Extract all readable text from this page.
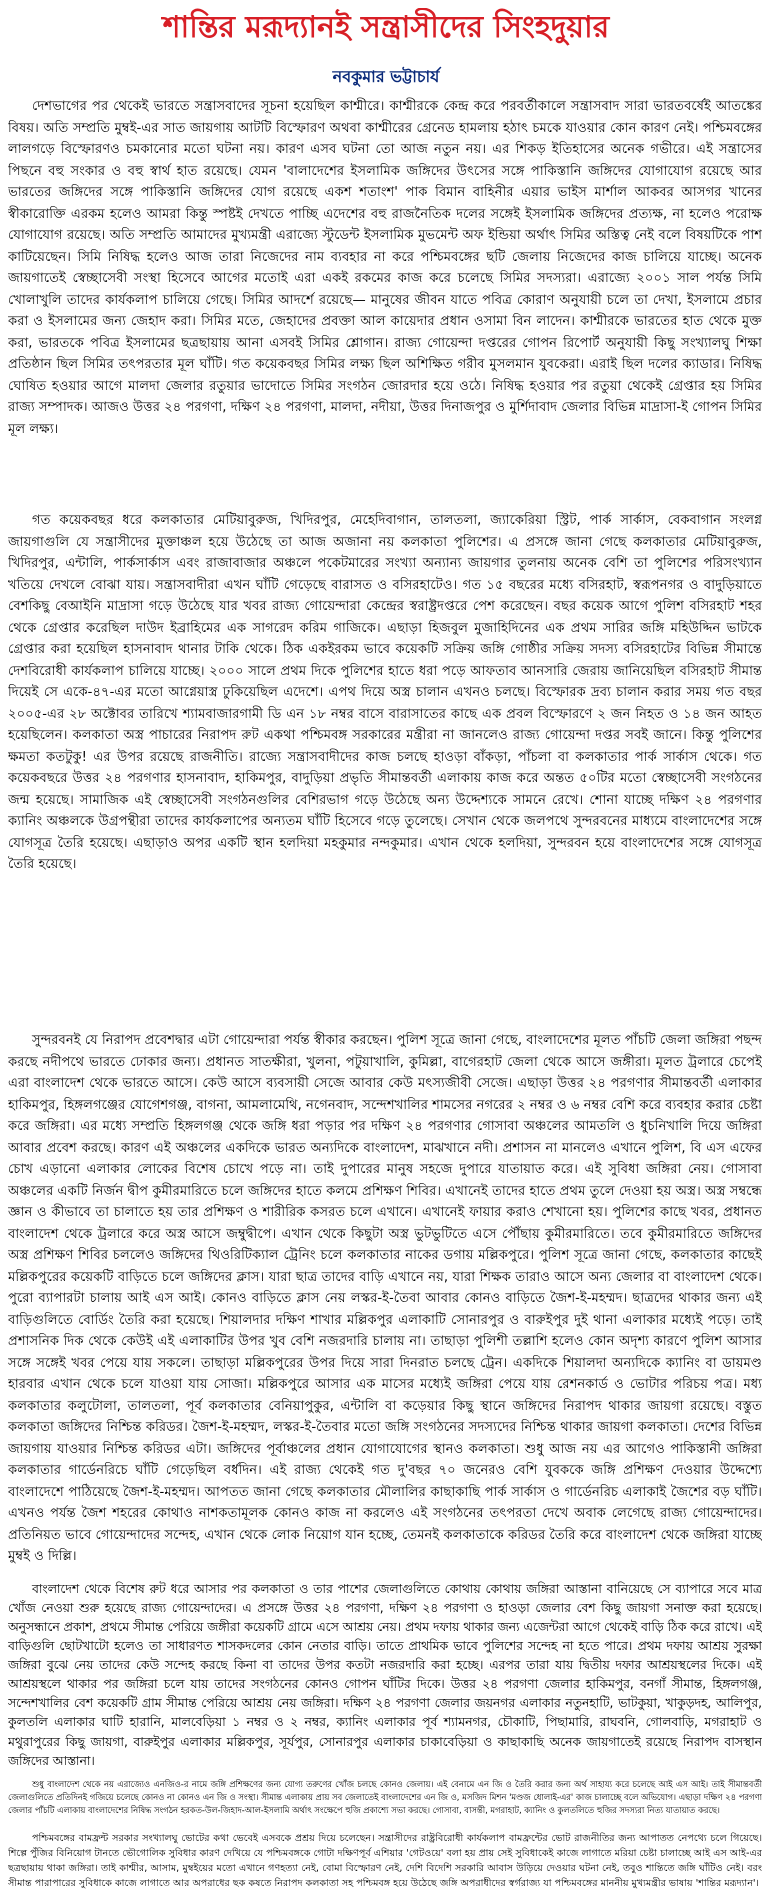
শান্তির মরূদ্যানই সন্ত্রাসীদের সিংহদুয়ার
নবকুমার ভট্টাচার্য

দেশভাগের পর থেকেই ভারতে সন্ত্রাসবাদের সূচনা হয়েছিল কাশ্মীরে। কাশ্মীরকে কেন্দ্র করে পরবর্তীকালে সন্ত্রাসবাদ সারা ভারতবর্ষেই আতঙ্কের বিষয়। অতি সম্প্রতি মুম্বই-এর সাত জায়গায় আটটি বিস্ফোরণ অথবা কাশ্মীরের গ্রেনেড হামলায় হঠাৎ চমকে যাওয়ার কোন কারণ নেই। পশ্চিমবঙ্গের লালগড়ে বিস্ফোরণও চমকানোর মতো ঘটনা নয়। কারণ এসব ঘটনা তো আজ নতুন নয়। এর শিকড় ইতিহাসের অনেক গভীরে। এই সন্ত্রাসের পিছনে বহু সংকার ও বহু স্বার্থ হাত রয়েছে। যেমন 'বালাদেশের ইসলামিক জঙ্গিদের উৎসের সঙ্গে পাকিস্তানি জঙ্গিদের যোগাযোগ রয়েছে আর ভারতের জঙ্গিদের সঙ্গে পাকিস্তানি জঙ্গিদের যোগ রয়েছে একশ শতাংশ' পাক বিমান বাহিনীর এয়ার ভাইস মার্শাল আকবর আসগর খানের স্বীকারোক্তি এরকম হলেও আমরা কিন্তু স্পষ্টই দেখতে পাচ্ছি এদেশের বহু রাজনৈতিক দলের সঙ্গেই ইসলামিক জঙ্গিদের প্রত্যক্ষ, না হলেও পরোক্ষ যোগাযোগ রয়েছে। অতি সম্প্রতি আমাদের মুখ্যমন্ত্রী এরাজ্যে স্টুডেন্ট ইসলামিক মুভমেন্ট অফ ইন্ডিয়া অর্থাৎ সিমির অস্তিত্ব নেই বলে বিষয়টিকে পাশ কাটিয়েছেন। সিমি নিষিদ্ধ হলেও আজ তারা নিজেদের নাম ব্যবহার না করে পশ্চিমবঙ্গের ছটি জেলায় নিজেদের কাজ চালিয়ে যাচ্ছে। অনেক জায়গাতেই স্বেচ্ছাসেবী সংস্থা হিসেবে আগের মতোই এরা একই রকমের কাজ করে চলেছে সিমির সদস্যরা। এরাজ্যে ২০০১ সাল পর্যন্ত সিমি খোলাখুলি তাদের কার্যকলাপ চালিয়ে গেছে। সিমির আদর্শে রয়েছে— মানুষের জীবন যাতে পবিত্র কোরাণ অনুযায়ী চলে তা দেখা, ইসলামে প্রচার করা ও ইসলামের জন্য জেহাদ করা। সিমির মতে, জেহাদের প্রবক্তা আল কায়েদার প্রধান ওসামা বিন লাদেন। কাশ্মীরকে ভারতের হাত থেকে মুক্ত করা, ভারতকে পবিত্র ইসলামের ছত্রছায়ায় আনা এসবই সিমির শ্লোগান। রাজ্য গোয়েন্দা দপ্তরের গোপন রিপোর্ট অনুযায়ী কিছু সংখ্যালঘু শিক্ষা প্রতিষ্ঠান ছিল সিমির তৎপরতার মূল ঘাঁটি। গত কয়েকবছর সিমির লক্ষ্য ছিল অশিক্ষিত গরীব মুসলমান যুবকেরা। এরাই ছিল দলের ক্যাডার। নিষিদ্ধ ঘোষিত হওয়ার আগে মালদা জেলার রতুয়ার ভাদোতে সিমির সংগঠন জোরদার হয়ে ওঠে। নিষিদ্ধ হওয়ার পর রতুয়া থেকেই গ্রেপ্তার হয় সিমির রাজ্য সম্পাদক। আজও উত্তর ২৪ পরগণা, দক্ষিণ ২৪ পরগণা, মালদা, নদীয়া, উত্তর দিনাজপুর ও মুর্শিদাবাদ জেলার বিভিন্ন মাদ্রাসা-ই গোপন সিমির মূল লক্ষ্য।

গত কয়েকবছর ধরে কলকাতার মেটিয়াবুরুজ, খিদিরপুর, মেহেদিবাগান, তালতলা, জ্যাকেরিয়া স্ট্রিট, পার্ক সার্কাস, বেকবাগান সংলগ্ন জায়গাগুলি যে সন্ত্রাসীদের মুক্তাঞ্চল হয়ে উঠেছে তা আজ অজানা নয় কলকাতা পুলিশের। এ প্রসঙ্গে জানা গেছে কলকাতার মেটিয়াবুরুজ, খিদিরপুর, এন্টালি, পার্কসার্কাস এবং রাজাবাজার অঞ্চলে পকেটমারের সংখ্যা অন্যান্য জায়গার তুলনায় অনেক বেশি তা পুলিশের পরিসংখ্যান খতিয়ে দেখলে বোঝা যায়। সন্ত্রাসবাদীরা এখন ঘাঁটি গেড়েছে বারাসত ও বসিরহাটেও। গত ১৫ বছরের মধ্যে বসিরহাট, স্বরূপনগর ও বাদুড়িয়াতে বেশকিছু বেআইনি মাদ্রাসা গড়ে উঠেছে যার খবর রাজ্য গোয়েন্দারা কেন্দ্রের স্বরাষ্ট্রদপ্তরে পেশ করেছেন। বছর কয়েক আগে পুলিশ বসিরহাট শহর থেকে গ্রেপ্তার করেছিল দাউদ ইব্রাহিমের এক সাগরেদ করিম গাজিকে। এছাড়া হিজবুল মুজাহিদিনের এক প্রথম সারির জঙ্গি মহিউদ্দিন ভাটকে গ্রেপ্তার করা হয়েছিল হাসনাবাদ থানার টাকি থেকে। ঠিক একইরকম ভাবে কয়েকটি সক্রিয় জঙ্গি গোষ্ঠীর সক্রিয় সদস্য বসিরহাটের বিভিন্ন সীমান্তে দেশবিরোধী কার্যকলাপ চালিয়ে যাচ্ছে। ২০০০ সালে প্রথম দিকে পুলিশের হাতে ধরা পড়ে আফতাব আনসারি জেরায় জানিয়েছিল বসিরহাট সীমান্ত দিয়েই সে একে-৪৭-এর মতো আগ্নেয়াস্ত্র ঢুকিয়েছিল এদেশে। এপথ দিয়ে অস্ত্র চালান এখনও চলছে। বিস্ফোরক দ্রব্য চালান করার সময় গত বছর ২০০৫-এর ২৮ অক্টোবর তারিখে শ্যামবাজারগামী ডি এন ১৮ নম্বর বাসে বারাসাতের কাছে এক প্রবল বিস্ফোরণে ২ জন নিহত ও ১৪ জন আহত হয়েছিলেন। কলকাতা অস্ত্র পাচারের নিরাপদ রুট একথা পশ্চিমবঙ্গ সরকারের মন্ত্রীরা না জানলেও রাজ্য গোয়েন্দা দপ্তর সবই জানে। কিন্তু পুলিশের ক্ষমতা কতটুকু! এর উপর রয়েছে রাজনীতি। রাজ্যে সন্ত্রাসবাদীদের কাজ চলছে হাওড়া বাঁকড়া, পাঁচলা বা কলকাতার পার্ক সার্কাস থেকে। গত কয়েকবছরে উত্তর ২৪ পরগণার হাসনাবাদ, হাকিমপুর, বাদুড়িয়া প্রভৃতি সীমান্তবর্তী এলাকায় কাজ করে অন্তত ৫০টির মতো স্বেচ্ছাসেবী সংগঠনের জন্ম হয়েছে। সামাজিক এই স্বেচ্ছাসেবী সংগঠনগুলির বেশিরভাগ গড়ে উঠেছে অন্য উদ্দেশ্যকে সামনে রেখে। শোনা যাচ্ছে দক্ষিণ ২৪ পরগণার ক্যানিং অঞ্চলকে উগ্রপন্থীরা তাদের কার্যকলাপের অন্যতম ঘাঁটি হিসেবে গড়ে তুলেছে। সেখান থেকে জলপথে সুন্দরবনের মাধ্যমে বাংলাদেশের সঙ্গে যোগসূত্র তৈরি হয়েছে। এছাড়াও অপর একটি স্থান হলদিয়া মহকুমার নন্দকুমার। এখান থেকে হলদিয়া, সুন্দরবন হয়ে বাংলাদেশের সঙ্গে যোগসূত্র তৈরি হয়েছে।

সুন্দরবনই যে নিরাপদ প্রবেশদ্বার এটা গোয়েন্দারা পর্যন্ত স্বীকার করছেন। পুলিশ সূত্রে জানা গেছে, বাংলাদেশের মূলত পাঁচটি জেলা জঙ্গিরা পছন্দ করছে নদীপথে ভারতে ঢোকার জন্য। প্রধানত সাতক্ষীরা, খুলনা, পটুয়াখালি, কুমিল্লা, বাগেরহাট জেলা থেকে আসে জঙ্গীরা। মূলত ট্রলারে চেপেই এরা বাংলাদেশ থেকে ভারতে আসে। কেউ আসে ব্যবসায়ী সেজে আবার কেউ মৎস্যজীবী সেজে। এছাড়া উত্তর ২৪ পরগণার সীমান্তবর্তী এলাকার হাকিমপুর, হিঙ্গলগঞ্জের যোগেশগঞ্জ, বাগনা, আমলামেথি, নগেনবাদ, সন্দেশখালির শামসের নগরের ২ নম্বর ও ৬ নম্বর বেশি করে ব্যবহার করার চেষ্টা করে জঙ্গিরা। এর মধ্যে সম্প্রতি হিঙ্গলগঞ্জ থেকে জঙ্গি ধরা পড়ার পর দক্ষিণ ২৪ পরগণার গোসাবা অঞ্চলের আমতলি ও ধুচনিখালি দিয়ে জঙ্গিরা আবার প্রবেশ করছে। কারণ এই অঞ্চলের একদিকে ভারত অন্যদিকে বাংলাদেশ, মাঝখানে নদী। প্রশাসন না মানলেও এখানে পুলিশ, বি এস এফের চোখ এড়ানো এলাকার লোকের বিশেষ চোখে পড়ে না। তাই দুপারের মানুষ সহজে দুপারে যাতায়াত করে। এই সুবিধা জঙ্গিরা নেয়। গোসাবা অঞ্চলের একটি নির্জন দ্বীপ কুমীরমারিতে চলে জঙ্গিদের হাতে কলমে প্রশিক্ষণ শিবির। এখানেই তাদের হাতে প্রথম তুলে দেওয়া হয় অস্ত্র। অস্ত্র সম্বন্ধে জ্ঞান ও কীভাবে তা চালাতে হয় তার প্রশিক্ষণ ও শারীরিক কসরত চলে এখানে। এখানেই ফায়ার করাও শেখানো হয়। পুলিশের কাছে খবর, প্রধানত বাংলাদেশ থেকে ট্রলারে করে অস্ত্র আসে জম্বুদ্বীপে। এখান থেকে কিছুটা অস্ত্র ভুটভুটিতে এসে পৌঁছায় কুমীরমারিতে। তবে কুমীরমারিতে জঙ্গিদের অস্ত্র প্রশিক্ষণ শিবির চললেও জঙ্গিদের থিওরিটিক্যাল ট্রেনিং চলে কলকাতার নাকের ডগায় মল্লিকপুরে। পুলিশ সূত্রে জানা গেছে, কলকাতার কাছেই মল্লিকপুরের কয়েকটি বাড়িতে চলে জঙ্গিদের ক্লাস। যারা ছাত্র তাদের বাড়ি এখানে নয়, যারা শিক্ষক তারাও আসে অন্য জেলার বা বাংলাদেশ থেকে। পুরো ব্যাপারটা চালায় আই এস আই। কোনও বাড়িতে ক্লাস নেয় লস্কর-ই-তৈবা আবার কোনও বাড়িতে জৈশ-ই-মহম্মদ। ছাত্রদের থাকার জন্য এই বাড়িগুলিতে বোর্ডিং তৈরি করা হয়েছে। শিয়ালদার দক্ষিণ শাখার মল্লিকপুর এলাকাটি সোনারপুর ও বারুইপুর দুই থানা এলাকার মধ্যেই পড়ে। তাই প্রশাসনিক দিক থেকে কেউই এই এলাকাটির উপর খুব বেশি নজরদারি চালায় না। তাছাড়া পুলিশী তল্লাশি হলেও কোন অদৃশ্য কারণে পুলিশ আসার সঙ্গে সঙ্গেই খবর পেয়ে যায় সকলে। তাছাড়া মল্লিকপুরের উপর দিয়ে সারা দিনরাত চলছে ট্রেন। একদিকে শিয়ালদা অন্যদিকে ক্যানিং বা ডায়মণ্ড হারবার এখান থেকে চলে যাওয়া যায় সোজা। মল্লিকপুরে আসার এক মাসের মধ্যেই জঙ্গিরা পেয়ে যায় রেশনকার্ড ও ভোটার পরিচয় পত্র। মধ্য কলকাতার কলুটোলা, তালতলা, পূর্ব কলকাতার বেনিয়াপুকুর, এন্টালি বা কড়েয়ার কিছু স্থানে জঙ্গিদের নিরাপদ থাকার জায়গা রয়েছে। বস্তুত কলকাতা জঙ্গিদের নিশ্চিন্ত করিডর। জৈশ-ই-মহম্মদ, লস্কর-ই-তৈবার মতো জঙ্গি সংগঠনের সদস্যদের নিশ্চিন্ত থাকার জায়গা কলকাতা। দেশের বিভিন্ন জায়গায় যাওয়ার নিশ্চিন্ত করিডর এটা। জঙ্গিদের পূর্বাঞ্চলের প্রধান যোগাযোগের স্থানও কলকাতা। শুধু আজ নয় এর আগেও পাকিস্তানী জঙ্গিরা কলকাতার গার্ডেনরিচে ঘাঁটি গেড়েছিল বর্ধদিন। এই রাজ্য থেকেই গত দু'বছর ৭০ জনেরও বেশি যুবককে জঙ্গি প্রশিক্ষণ দেওয়ার উদ্দেশ্যে বাংলাদেশে পাঠিয়েছে জৈশ-ই-মহম্মদ। আপতত জানা গেছে কলকাতার মৌলালির কাছাকাছি পার্ক সার্কাস ও গার্ডেনরিচ এলাকাই জৈশের বড় ঘাঁটি। এখনও পর্যন্ত জৈশ শহরের কোথাও নাশকতামূলক কোনও কাজ না করলেও এই সংগঠনের তৎপরতা দেখে অবাক লেগেছে রাজ্য গোয়েন্দাদের। প্রতিনিয়ত ভাবে গোয়েন্দাদের সন্দেহ, এখান থেকে লোক নিয়োগ যান হচ্ছে, তেমনই কলকাতাকে করিডর তৈরি করে বাংলাদেশ থেকে জঙ্গিরা যাচ্ছে মুম্বই ও দিল্লি।

বাংলাদেশ থেকে বিশেষ রুট ধরে আসার পর কলকাতা ও তার পাশের জেলাগুলিতে কোথায় কোথায় জঙ্গিরা আস্তানা বানিয়েছে সে ব্যাপারে সবে মাত্র খোঁজ নেওয়া শুরু হয়েছে রাজ্য গোয়েন্দাদের। এ প্রসঙ্গে উত্তর ২৪ পরগণা, দক্ষিণ ২৪ পরগণা ও হাওড়া জেলার বেশ কিছু জায়গা সনাক্ত করা হয়েছে। অনুসন্ধানে প্রকাশ, প্রথমে সীমান্ত পেরিয়ে জঙ্গীরা কয়েকটি গ্রামে এসে আশ্রয় নেয়। প্রথম দফায় থাকার জন্য এজেন্টরা আগে থেকেই বাড়ি ঠিক করে রাখে। এই বাড়িগুলি ছোটখাটো হলেও তা সাধারণত শাসকদলের কোন নেতার বাড়ি। তাতে প্রাথমিক ভাবে পুলিশের সন্দেহ না হতে পারে। প্রথম দফায় আশ্রয় সুরক্ষা জঙ্গিরা বুঝে নেয় তাদের কেউ সন্দেহ করছে কিনা বা তাদের উপর কতটা নজরদারি করা হচ্ছে। এরপর তারা যায় দ্বিতীয় দফার আশ্রয়স্থলের দিকে। এই আশ্রয়স্থলে থাকার পর জঙ্গিরা চলে যায় তাদের সংগঠনের কোনও গোপন ঘাঁটির দিকে। উত্তর ২৪ পরগণা জেলার হাকিমপুর, বনগাঁ সীমান্ত, হিঙ্গলগঞ্জ, সন্দেশখালির বেশ কয়েকটি গ্রাম সীমান্ত পেরিয়ে আশ্রয় নেয় জঙ্গিরা। দক্ষিণ ২৪ পরগণা জেলার জয়নগর এলাকার নতুনহাটি, ভাটকুয়া, খাকুড়দহ, আলিপুর, কুলতলি এলাকার ঘাটি হারানি, মালবেড়িয়া ১ নম্বর ও ২ নম্বর, ক্যানিং এলাকার পূর্ব শ্যামনগর, চৌকাটি, পিছামারি, রাঘবনি, গোলবাড়ি, মগরাহাট ও মথুরাপুরের কিছু জায়গা, বারুইপুর এলাকার মল্লিকপুর, সূর্যপুর, সোনারপুর এলাকার চাকাবেড়িয়া ও কাছাকাছি অনেক জায়গাতেই রয়েছে নিরাপদ বাসস্থান জঙ্গিদের আস্তানা।

শুধু বাংলাদেশ থেকে নয় এরাজ্যেও এনজিও-র নামে জঙ্গি প্রশিক্ষণের জন্য যোগ্য তরুণের খোঁজ চলছে কোনও জেলায়। এই বেনামে এন জি ও তৈরি করার জন্য অর্থ সাহায্য করে চলেছে আই এস আই। তাই সীমান্তবর্তী জেলাগুলিতে প্রতিদিনই গজিয়ে চলেছে কোনও না কোনও এন জি ও সংস্থা। সীমান্ত এলাকায় প্রায় সব জেলাতেই বাংলাদেশের এন জি ও, মসজিদ মিশন 'মণ্ডজ ধোলাই-এর' কাজ চালাচ্ছে বলে অভিযোগ। এছাড়া দক্ষিণ ২৪ পরগণা জেলার পাঁচটি এলাকায় বাংলাদেশের নিষিদ্ধ সংগঠন হরকত-উল-জিহাদ-আল-ইসলামি অর্থাৎ সংক্ষেপে হুজি প্রকাশ্যে সভা করছে। গোসাবা, বাসন্তী, মগরাহাট, ক্যানিং ও কুলতলিতে হুজির সদস্যরা নিত্য যাতায়াত করছে।

পশ্চিমবঙ্গের বামফ্রন্ট সরকার সংখ্যালঘু ভোটের কথা ভেবেই এসবকে প্রশ্রয় দিয়ে চলেছেন। সন্ত্রাসীদের রাষ্ট্রবিরোধী কার্যকলাপ বামফ্রন্টের ভোট রাজনীতির জন্য আপাতত নেপথ্যে চলে গিয়েছে। শিল্পে পুঁজির বিনিয়োগ টানতে ভৌগোলিক সুবিধার কারণ দেখিয়ে যে পশ্চিমবঙ্গকে গোটা দক্ষিণপূর্ব এশিয়ার 'গেটওয়ে' বলা হয় প্রায় সেই সুবিধাকেই কাজে লাগাতে মরিয়া চেষ্টা চালাচ্ছে আই এস আই-এর ছত্রছায়ায় থাকা জঙ্গিরা। তাই কাশ্মীর, আসাম, মুম্বইয়ের মতো এখানে গণহত্যা নেই, বোমা বিস্ফোরণ নেই, দেশি বিদেশি সরকারি আবাস উড়িয়ে দেওয়ার ঘটনা নেই, তবুও শান্তিতে জঙ্গি ঘাঁটিও নেই। বরং সীমান্ত পারাপারের সুবিধাকে কাজে লাগাতে আর অপরাধের ছক কষতে নিরাপদ কলকাতা সহ পশ্চিমবঙ্গ হয়ে উঠেছে জঙ্গি অপরাধীদের স্বর্গরাজ্য যা পশ্চিমবঙ্গের মাননীয় মুখ্যমন্ত্রীর ভাষায় 'শান্তির মরূদ্যান'।
